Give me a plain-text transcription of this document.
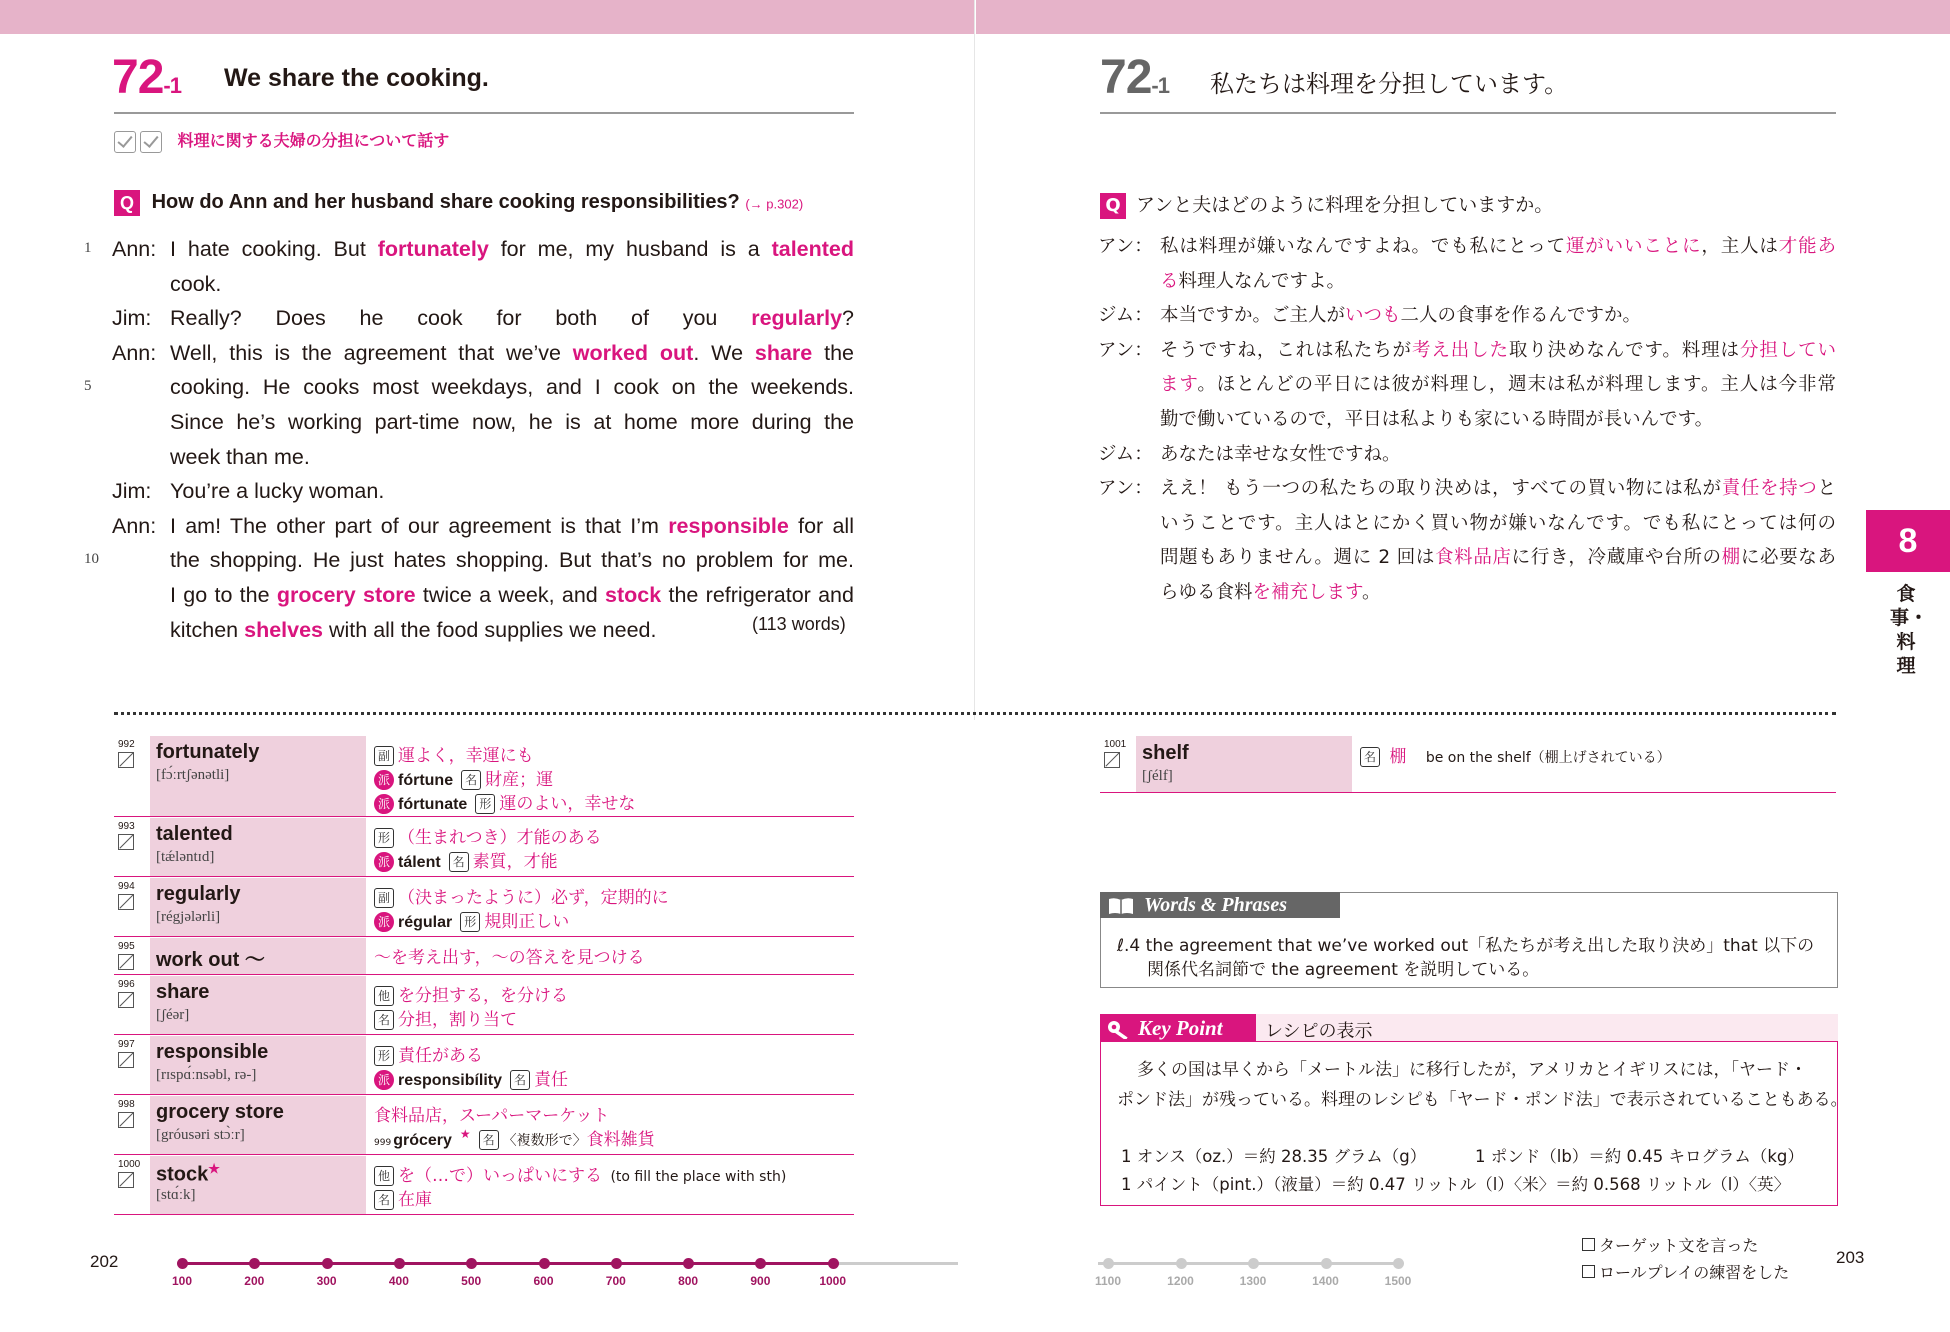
72-1 We share the cooking.
料理に関する夫婦の分担について話す
Q How do Ann and her husband share cooking responsibilities? (→ p.302)
1 Ann: I hate cooking. But fortunately for me, my husband is a talented
cook.
Jim: Really? Does he cook for both of you regularly?
Ann: Well, this is the agreement that we’ve worked out. We share the
5	cooking. He cooks most weekdays, and I cook on the weekends.
Since he’s working part-time now, he is at home more during the
week than me.
Jim: You’re a lucky woman.
Ann: I am! The other part of our agreement is that I’m responsible for all
10	the shopping. He just hates shopping. But that’s no problem for me.
I go to the grocery store twice a week, and stock the refrigerator and
kitchen shelves with all the food supplies we need.	(113 words)
72-1 私たちは料理を分担しています。
Q アンと夫はどのように料理を分担していますか。
アン： 私は料理が嫌いなんですよね。でも私にとって運がいいことに，主人は才能あ
る料理人なんですよ。
ジム： 本当ですか。ご主人がいつも二人の食事を作るんですか。
アン： そうですね，これは私たちが考え出した取り決めなんです。料理は分担してい
ます。ほとんどの平日には彼が料理し，週末は私が料理します。主人は今非常
勤で働いているので，平日は私よりも家にいる時間が長いんです。
ジム： あなたは幸せな女性ですね。
アン： ええ！ もう一つの私たちの取り決めは，すべての買い物には私が責任を持つと
いうことです。主人はとにかく買い物が嫌いなんです。でも私にとっては何の
問題もありません。週に 2 回は食料品店に行き，冷蔵庫や台所の棚に必要なあ
らゆる食料を補充します。
8
食事・料理
992 fortunately
[fɔ́ːrtʃənətli]
副 運よく，幸運にも
派 fórtune 名 財産；運
派 fórtunate 形 運のよい，幸せな
993 talented
[tǽləntɪd]
形 （生まれつき）才能のある
派 tálent 名 素質，才能
994 regularly
[régjələrli]
副 （決まったように）必ず，定期的に
派 régular 形 規則正しい
995
work out ～	～を考え出す，～の答えを見つける
996 share
[ʃéər]
他 を分担する，を分ける
名 分担，割り当て
997 responsible
[rɪspɑ́ːnsəbl, rə-]
形 責任がある
派 responsibílity 名 責任
998 grocery store
[gróusəri stɔ̀ːr]
食料品店，スーパーマーケット
999 grócery ★ 名 〈複数形で〉食料雑貨
1000 stock★
[stɑ́ːk]
他 を（…で）いっぱいにする (to fill the place with sth)
名 在庫
1001 shelf
[ʃélf]
名 棚 be on the shelf（棚上げされている）
Words & Phrases
ℓ.4 the agreement that we’ve worked out「私たちが考え出した取り決め」that 以下の
関係代名詞節で the agreement を説明している。
Key Point	レシピの表示
多くの国は早くから「メートル法」に移行したが，アメリカとイギリスには，「ヤード・
ポンド法」が残っている。料理のレシピも「ヤード・ポンド法」で表示されていることもある。
1 オンス（oz.）＝約 28.35 グラム（g）	1 ポンド（lb）＝約 0.45 キログラム（kg）
1 パイント（pint.）（液量）＝約 0.47 リットル（l）〈米〉＝約 0.568 リットル（l）〈英〉
100	200	300	400	500	600	700	800	900	1000	1100	1200	1300	1400	1500
202	203
ターゲット文を言った
ロールプレイの練習をした
